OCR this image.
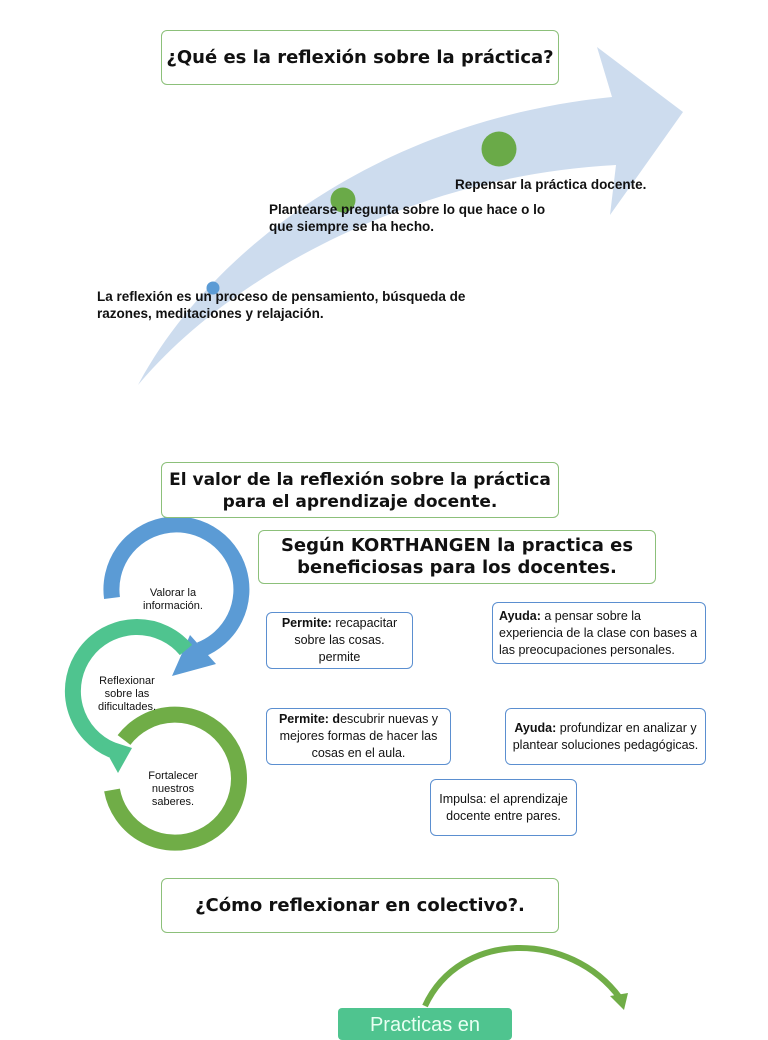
¿Qué es la reflexión sobre la práctica?
La reflexión es un proceso de pensamiento, búsqueda de razones, meditaciones y relajación.
Plantearse pregunta sobre lo que hace o lo que siempre se ha hecho.
Repensar la práctica docente.
El valor de la reflexión sobre la práctica para el aprendizaje docente.
Según KORTHANGEN la practica es beneficiosas para los docentes.
Valorar la información.
Reflexionar sobre las dificultades.
Fortalecer nuestros saberes.
Permite: recapacitar sobre las cosas. permite
Ayuda: a pensar sobre la experiencia de la clase con bases a las preocupaciones personales.
Permite: descubrir nuevas y mejores formas de hacer las cosas en el aula.
Ayuda: profundizar en analizar y plantear soluciones pedagógicas.
Impulsa: el aprendizaje docente entre pares.
¿Cómo reflexionar en colectivo?.
Practicas en
